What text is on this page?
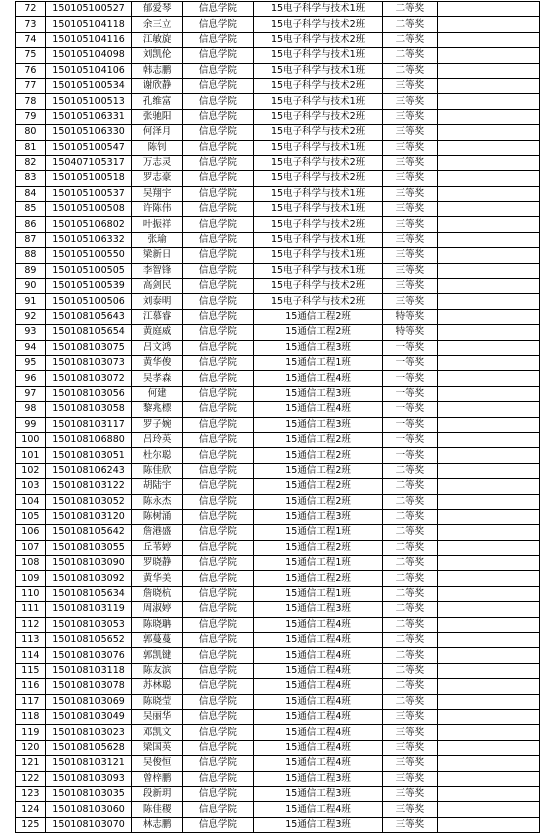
72	150105100527	郁爱琴	信息学院	15电子科学与技术1班	二等奖	
73	150105104118	余三立	信息学院	15电子科学与技术2班	二等奖	
74	150105104116	江敏旋	信息学院	15电子科学与技术2班	二等奖	
75	150105104098	刘凯伦	信息学院	15电子科学与技术1班	二等奖	
76	150105104106	韩志鹏	信息学院	15电子科学与技术1班	二等奖	
77	150105100534	谢欣静	信息学院	15电子科学与技术2班	三等奖	
78	150105100513	孔维富	信息学院	15电子科学与技术1班	三等奖	
79	150105106331	张驰阳	信息学院	15电子科学与技术2班	三等奖	
80	150105106330	何泽月	信息学院	15电子科学与技术2班	三等奖	
81	150105100547	陈钊	信息学院	15电子科学与技术1班	三等奖	
82	150407105317	万志灵	信息学院	15电子科学与技术2班	三等奖	
83	150105100518	罗志豪	信息学院	15电子科学与技术2班	三等奖	
84	150105100537	吴翔宇	信息学院	15电子科学与技术1班	三等奖	
85	150105100508	许陈伟	信息学院	15电子科学与技术1班	三等奖	
86	150105106802	叶振祥	信息学院	15电子科学与技术2班	三等奖	
87	150105106332	张瑜	信息学院	15电子科学与技术1班	三等奖	
88	150105100550	梁新日	信息学院	15电子科学与技术1班	三等奖	
89	150105100505	李智锋	信息学院	15电子科学与技术1班	三等奖	
90	150105100539	高剑民	信息学院	15电子科学与技术2班	三等奖	
91	150105100506	刘泰明	信息学院	15电子科学与技术2班	三等奖	
92	150108105643	江慕睿	信息学院	15通信工程2班	特等奖	
93	150108105654	黄庭威	信息学院	15通信工程2班	特等奖	
94	150108103075	吕文鸿	信息学院	15通信工程3班	一等奖	
95	150108103073	黄华俊	信息学院	15通信工程1班	一等奖	
96	150108103072	吴孝森	信息学院	15通信工程4班	一等奖	
97	150108103056	何建	信息学院	15通信工程3班	一等奖	
98	150108103058	黎兆標	信息学院	15通信工程4班	一等奖	
99	150108103117	罗子婉	信息学院	15通信工程3班	一等奖	
100	150108106880	吕玲英	信息学院	15通信工程2班	一等奖	
101	150108103051	杜尔聪	信息学院	15通信工程2班	一等奖	
102	150108106243	陈佳欣	信息学院	15通信工程2班	二等奖	
103	150108103122	胡陆宇	信息学院	15通信工程2班	二等奖	
104	150108103052	陈永杰	信息学院	15通信工程2班	二等奖	
105	150108103120	陈树涌	信息学院	15通信工程3班	二等奖	
106	150108105642	詹港盛	信息学院	15通信工程1班	二等奖	
107	150108103055	丘苇婷	信息学院	15通信工程2班	二等奖	
108	150108103090	罗晓静	信息学院	15通信工程1班	二等奖	
109	150108103092	黄华美	信息学院	15通信工程2班	二等奖	
110	150108105634	詹晓杭	信息学院	15通信工程1班	二等奖	
111	150108103119	周淑婷	信息学院	15通信工程3班	二等奖	
112	150108103053	陈晓聃	信息学院	15通信工程4班	二等奖	
113	150108105652	郭蔓蔓	信息学院	15通信工程4班	二等奖	
114	150108103076	郭凯键	信息学院	15通信工程4班	二等奖	
115	150108103118	陈友滨	信息学院	15通信工程4班	二等奖	
116	150108103078	苏林聪	信息学院	15通信工程4班	二等奖	
117	150108103069	陈晓莹	信息学院	15通信工程4班	二等奖	
118	150108103049	吴丽华	信息学院	15通信工程4班	三等奖	
119	150108103023	邓凯文	信息学院	15通信工程4班	三等奖	
120	150108105628	梁国英	信息学院	15通信工程4班	三等奖	
121	150108103121	吴俊恒	信息学院	15通信工程4班	三等奖	
122	150108103093	曾梓鹏	信息学院	15通信工程3班	三等奖	
123	150108103035	段新玥	信息学院	15通信工程3班	三等奖	
124	150108103060	陈佳稷	信息学院	15通信工程4班	三等奖	
125	150108103070	林志鹏	信息学院	15通信工程3班	三等奖	
